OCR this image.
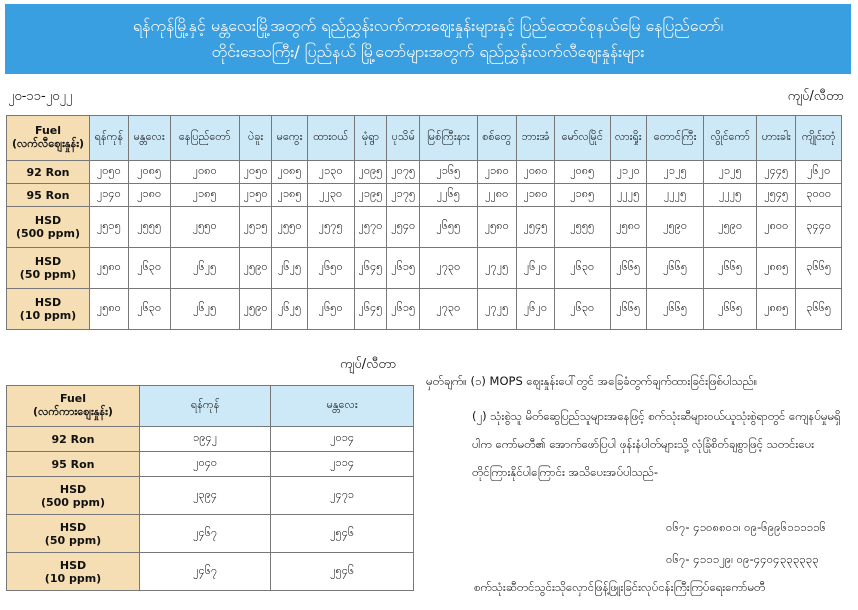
ရန်ကုန်မြို့နှင့် မန္တလေးမြို့အတွက် ရည်ညွှန်းလက်ကားဈေးနှုန်းများနှင့် ပြည်ထောင်စုနယ်မြေ နေပြည်တော်၊
တိုင်းဒေသကြီး/ ပြည်နယ် မြို့တော်များအတွက် ရည်ညွှန်းလက်လီဈေးနှုန်းများ
၂၀-၁၁-၂၀၂၂	ကျပ်/လီတာ
Fuel
(လက်လီဈေးနှုန်း)	ရန်ကုန်	မန္တလေး	နေပြည်တော်	ပဲခူး	မကွေး	ထားဝယ်	မုံရွာ	ပုသိမ်	မြစ်ကြီးနား	စစ်တွေ	ဘားအံ	မော်လမြိုင်	လားရှိုး	တောင်ကြီး	လွိုင်ကော်	ဟားခါး	ကျိုင်းတုံ

92 Ron	၂၀၅၀	၂၀၈၅	၂၀၈၀	၂၀၅၀	၂၀၈၅	၂၁၃၀	၂၀၉၅	၂၀၇၅	၂၁၆၅	၂၁၈၀	၂၀၈၀	၂၀၈၅	၂၁၂၀	၂၁၂၅	၂၁၂၅	၂၄၄၅	၂၆၂၀

95 Ron	၂၁၄၀	၂၁၈၀	၂၁၈၅	၂၁၅၀	၂၁၈၅	၂၂၃၀	၂၁၉၅	၂၁၇၅	၂၂၆၅	၂၂၈၀	၂၁၈၀	၂၁၈၅	၂၂၂၅	၂၂၂၅	၂၂၂၅	၂၅၄၅	၃၀၀၀

HSD
(500 ppm)	၂၅၁၅	၂၅၅၅	၂၅၅၀	၂၅၁၅	၂၅၅၀	၂၅၇၅	၂၅၇၀	၂၅၄၀	၂၆၅၅	၂၅၈၀	၂၅၄၅	၂၅၅၅	၂၅၈၀	၂၅၉၀	၂၅၉၀	၂၈၀၀	၃၄၄၀

HSD
(50 ppm)	၂၅၈၀	၂၆၃၀	၂၆၂၅	၂၅၉၀	၂၆၂၅	၂၆၅၀	၂၆၄၅	၂၆၁၅	၂၇၃၀	၂၇၂၅	၂၆၂၀	၂၆၃၀	၂၆၆၅	၂၆၆၅	၂၆၆၅	၂၈၈၅	၃၆၆၅

HSD
(10 ppm)	၂၅၈၀	၂၆၃၀	၂၆၂၅	၂၅၉၀	၂၆၂၅	၂၆၅၀	၂၆၄၅	၂၆၁၅	၂၇၃၀	၂၇၂၅	၂၆၂၀	၂၆၃၀	၂၆၆၅	၂၆၆၅	၂၆၆၅	၂၈၈၅	၃၆၆၅
ကျပ်/လီတာ
Fuel
(လက်ကားဈေးနှုန်း)	ရန်ကုန်	မန္တလေး

92 Ron	၁၉၄၂	၂၀၁၄

95 Ron	၂၀၄၀	၂၁၁၄

HSD
(500 ppm)	၂၃၉၄	၂၄၇၁

HSD
(50 ppm)	၂၄၆၇	၂၅၄၆

HSD
(10 ppm)	၂၄၆၇	၂၅၄၆
မှတ်ချက်။ (၁) MOPS ဈေးနှုန်းပေါ်တွင် အခြေခံတွက်ချက်ထားခြင်းဖြစ်ပါသည်။
(၂) သုံးစွဲသူ မိတ်ဆွေပြည်သူများအနေဖြင့် စက်သုံးဆီများဝယ်ယူသုံးစွဲရာတွင် ကျေနပ်မှုမရှိပါက ကော်မတီ၏ အောက်ဖော်ပြပါ ဖုန်းနံပါတ်များသို့ လုံခြုံစိတ်ချစွာဖြင့် သတင်းပေးတိုင်ကြားနိုင်ပါကြောင်း အသိပေးအပ်ပါသည်-
၀၆၇- ၄၁၀၈၈၀၁၊ ၀၉-၆၉၉၆၁၁၁၁၁၆
၀၆၇- ၄၁၁၁၂၉၊ ၀၉-၄၄၀၄၃၃၃၃၃၃
စက်သုံးဆီတင်သွင်းသိုလှောင်ဖြန့်ဖြူးခြင်းလုပ်ငန်းကြီးကြပ်ရေးကော်မတီ
